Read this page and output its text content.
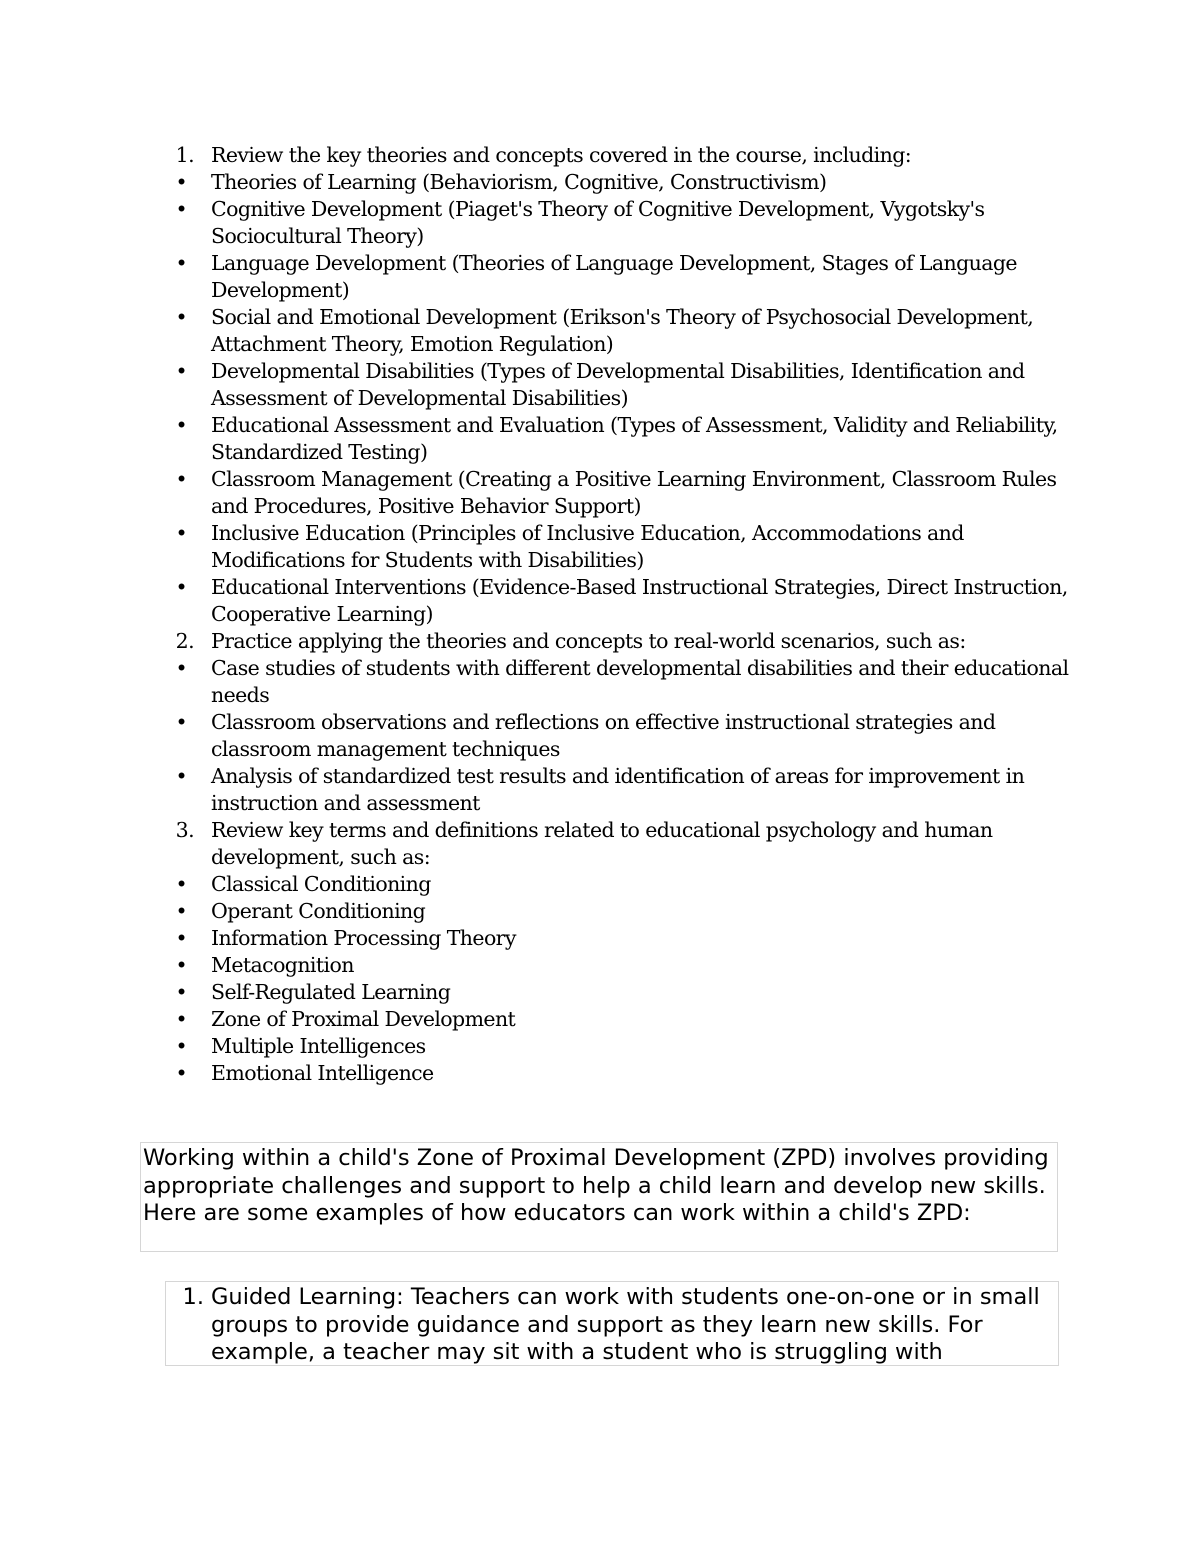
1. Review the key theories and concepts covered in the course, including:
• Theories of Learning (Behaviorism, Cognitive, Constructivism)
• Cognitive Development (Piaget's Theory of Cognitive Development, Vygotsky's Sociocultural Theory)
• Language Development (Theories of Language Development, Stages of Language Development)
• Social and Emotional Development (Erikson's Theory of Psychosocial Development, Attachment Theory, Emotion Regulation)
• Developmental Disabilities (Types of Developmental Disabilities, Identification and Assessment of Developmental Disabilities)
• Educational Assessment and Evaluation (Types of Assessment, Validity and Reliability, Standardized Testing)
• Classroom Management (Creating a Positive Learning Environment, Classroom Rules and Procedures, Positive Behavior Support)
• Inclusive Education (Principles of Inclusive Education, Accommodations and Modifications for Students with Disabilities)
• Educational Interventions (Evidence-Based Instructional Strategies, Direct Instruction, Cooperative Learning)
2. Practice applying the theories and concepts to real-world scenarios, such as:
• Case studies of students with different developmental disabilities and their educational needs
• Classroom observations and reflections on effective instructional strategies and classroom management techniques
• Analysis of standardized test results and identification of areas for improvement in instruction and assessment
3. Review key terms and definitions related to educational psychology and human development, such as:
• Classical Conditioning
• Operant Conditioning
• Information Processing Theory
• Metacognition
• Self-Regulated Learning
• Zone of Proximal Development
• Multiple Intelligences
• Emotional Intelligence
Working within a child's Zone of Proximal Development (ZPD) involves providing appropriate challenges and support to help a child learn and develop new skills. Here are some examples of how educators can work within a child's ZPD:
1. Guided Learning: Teachers can work with students one-on-one or in small groups to provide guidance and support as they learn new skills. For example, a teacher may sit with a student who is struggling with
